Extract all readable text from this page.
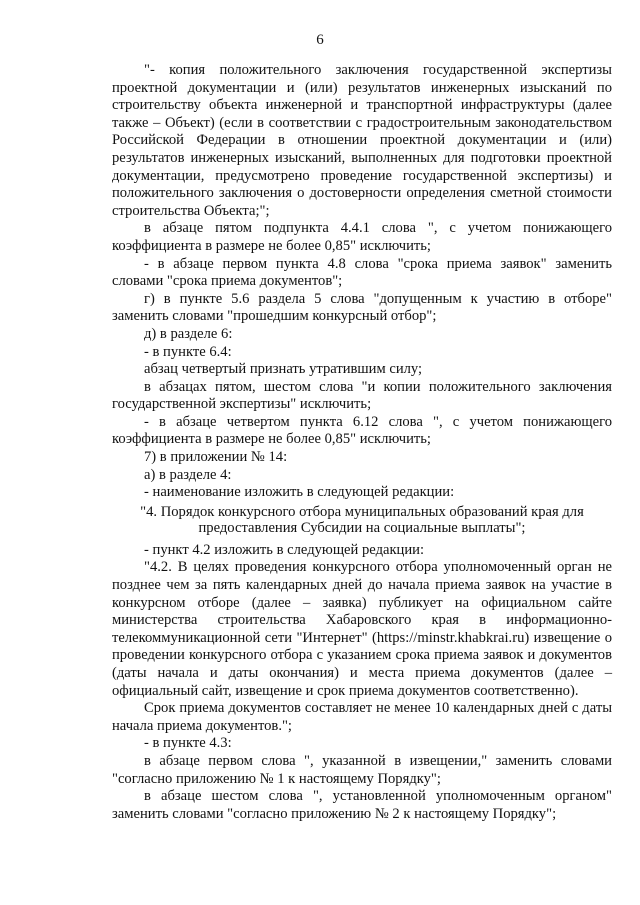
6

"- копия положительного заключения государственной экспертизы проектной документации и (или) результатов инженерных изысканий по строительству объекта инженерной и транспортной инфраструктуры (далее также – Объект) (если в соответствии с градостроительным законодательством Российской Федерации в отношении проектной документации и (или) результатов инженерных изысканий, выполненных для подготовки проектной документации, предусмотрено проведение государственной экспертизы) и положительного заключения о достоверности определения сметной стоимости строительства Объекта;";

в абзаце пятом подпункта 4.4.1 слова ", с учетом понижающего коэффициента в размере не более 0,85" исключить;

- в абзаце первом пункта 4.8 слова "срока приема заявок" заменить словами "срока приема документов";

г) в пункте 5.6 раздела 5 слова "допущенным к участию в отборе" заменить словами "прошедшим конкурсный отбор";

д) в разделе 6:

- в пункте 6.4:

абзац четвертый признать утратившим силу;

в абзацах пятом, шестом слова "и копии положительного заключения государственной экспертизы" исключить;

- в абзаце четвертом пункта 6.12 слова ", с учетом понижающего коэффициента в размере не более 0,85" исключить;

7) в приложении № 14:

а) в разделе 4:

- наименование изложить в следующей редакции:

"4. Порядок конкурсного отбора муниципальных образований края для предоставления Субсидии на социальные выплаты";

- пункт 4.2 изложить в следующей редакции:

"4.2. В целях проведения конкурсного отбора уполномоченный орган не позднее чем за пять календарных дней до начала приема заявок на участие в конкурсном отборе (далее – заявка) публикует на официальном сайте министерства строительства Хабаровского края в информационно-телекоммуникационной сети "Интернет" (https://minstr.khabkrai.ru) извещение о проведении конкурсного отбора с указанием срока приема заявок и документов (даты начала и даты окончания) и места приема документов (далее – официальный сайт, извещение и срок приема документов соответственно).

Срок приема документов составляет не менее 10 календарных дней с даты начала приема документов.";

- в пункте 4.3:

в абзаце первом слова ", указанной в извещении," заменить словами "согласно приложению № 1 к настоящему Порядку";

в абзаце шестом слова ", установленной уполномоченным органом" заменить словами "согласно приложению № 2 к настоящему Порядку";
